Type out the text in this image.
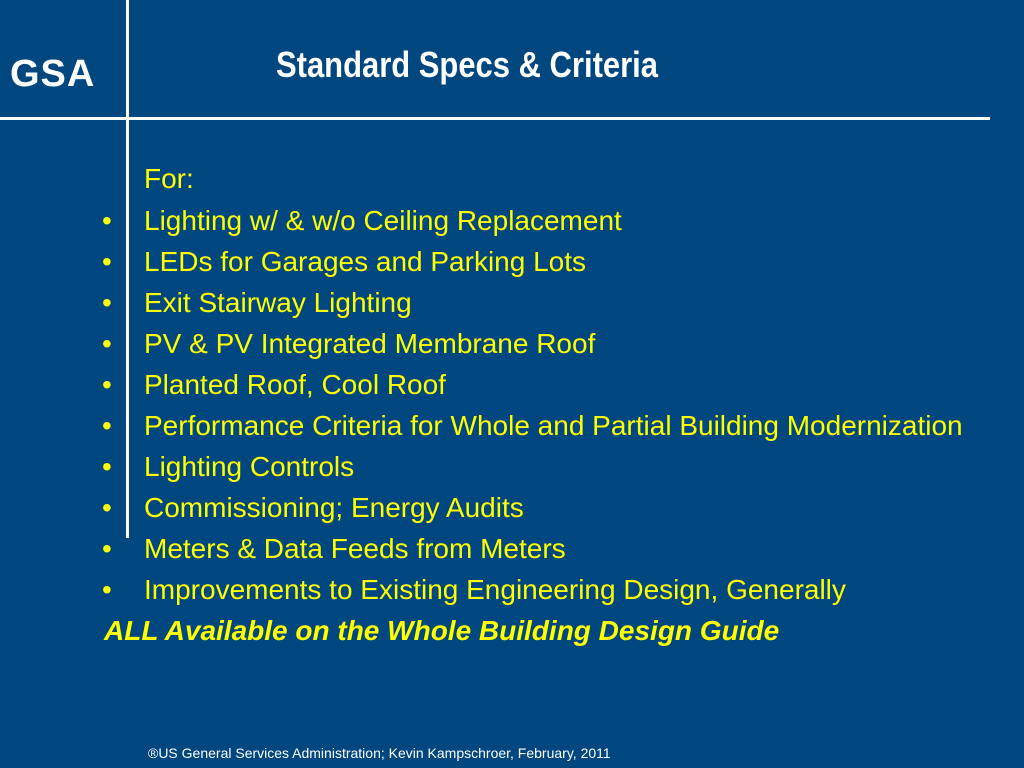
GSA	Standard Specs & Criteria
For:
•	Lighting w/ & w/o Ceiling Replacement
•	LEDs for Garages and Parking Lots
•	Exit Stairway Lighting
•	PV & PV Integrated Membrane Roof
•	Planted Roof, Cool Roof
•	Performance Criteria for Whole and Partial Building Modernization
•	Lighting Controls
•	Commissioning; Energy Audits
•	Meters & Data Feeds from Meters
•	Improvements to Existing Engineering Design, Generally
ALL Available on the Whole Building Design Guide
®US General Services Administration; Kevin Kampschroer, February, 2011
